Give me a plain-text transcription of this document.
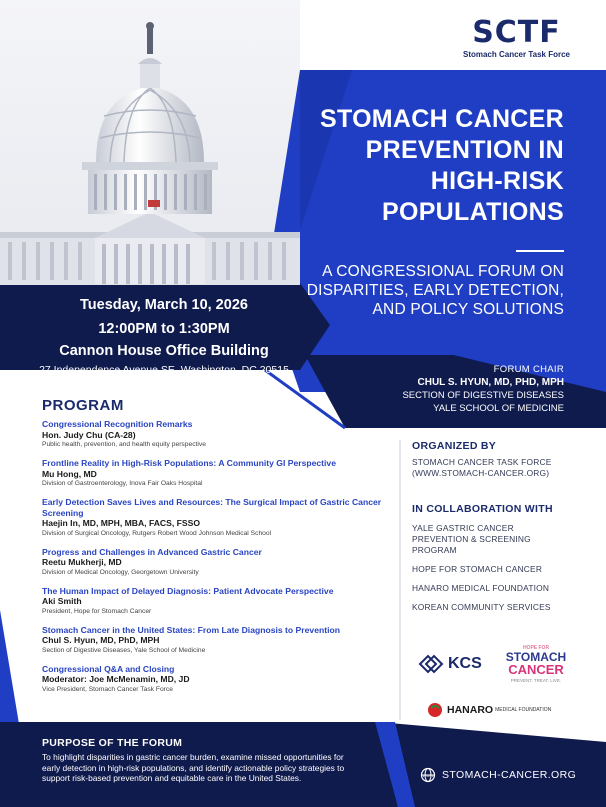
SCTF
Stomach Cancer Task Force
STOMACH CANCER
PREVENTION IN
HIGH-RISK
POPULATIONS
A CONGRESSIONAL FORUM ON
DISPARITIES, EARLY DETECTION,
AND POLICY SOLUTIONS
Tuesday, March 10, 2026
12:00PM to 1:30PM
Cannon House Office Building
27 Independence Avenue SE, Washington, DC 20515	FORUM CHAIR
CHUL S. HYUN, MD, PHD, MPH
SECTION OF DIGESTIVE DISEASES
YALE SCHOOL OF MEDICINE
PROGRAM
Congressional Recognition Remarks
Hon. Judy Chu (CA-28)
Public health, prevention, and health equity perspective
Frontline Reality in High-Risk Populations: A Community GI Perspective
Mu Hong, MD
Division of Gastroenterology, Inova Fair Oaks Hospital
Early Detection Saves Lives and Resources: The Surgical Impact of Gastric Cancer Screening
Haejin In, MD, MPH, MBA, FACS, FSSO
Division of Surgical Oncology, Rutgers Robert Wood Johnson Medical School
Progress and Challenges in Advanced Gastric Cancer
Reetu Mukherji, MD
Division of Medical Oncology, Georgetown University
The Human Impact of Delayed Diagnosis: Patient Advocate Perspective
Aki Smith
President, Hope for Stomach Cancer
Stomach Cancer in the United States: From Late Diagnosis to Prevention
Chul S. Hyun, MD, PhD, MPH
Section of Digestive Diseases, Yale School of Medicine
Congressional Q&A and Closing
Moderator: Joe McMenamin, MD, JD
Vice President, Stomach Cancer Task Force
ORGANIZED BY
STOMACH CANCER TASK FORCE
(WWW.STOMACH-CANCER.ORG)
IN COLLABORATION WITH
YALE GASTRIC CANCER PREVENTION & SCREENING PROGRAM
HOPE FOR STOMACH CANCER
HANARO MEDICAL FOUNDATION
KOREAN COMMUNITY SERVICES
KCS
HOPE FOR
STOMACH
CANCER
PREVENT. TREAT. LIVE.
HANARO MEDICAL FOUNDATION
PURPOSE OF THE FORUM
To highlight disparities in gastric cancer burden, examine missed opportunities for early detection in high-risk populations, and identify actionable policy strategies to support risk-based prevention and equitable care in the United States.	WWW STOMACH-CANCER.ORG
